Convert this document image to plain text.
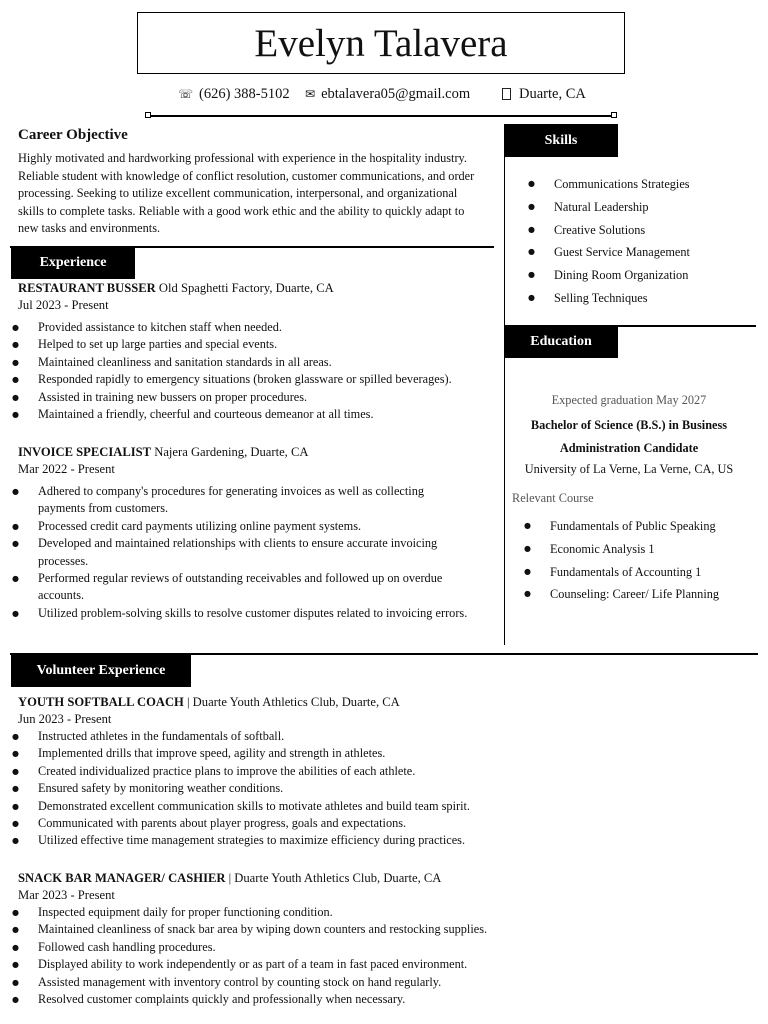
Evelyn Talavera
☏ (626) 388-5102 ✉ ebtalavera05@gmail.com	Duarte, CA
Career Objective
Highly motivated and hardworking professional with experience in the hospitality industry.
Reliable student with knowledge of conflict resolution, customer communications, and order
processing. Seeking to utilize excellent communication, interpersonal, and organizational
skills to complete tasks. Reliable with a good work ethic and the ability to quickly adapt to
new tasks and environments.
Experience
RESTAURANT BUSSER Old Spaghetti Factory, Duarte, CA
Jul 2023 - Present
● Provided assistance to kitchen staff when needed.
● Helped to set up large parties and special events.
● Maintained cleanliness and sanitation standards in all areas.
● Responded rapidly to emergency situations (broken glassware or spilled beverages).
● Assisted in training new bussers on proper procedures.
● Maintained a friendly, cheerful and courteous demeanor at all times.
INVOICE SPECIALIST Najera Gardening, Duarte, CA
Mar 2022 - Present
● Adhered to company's procedures for generating invoices as well as collecting
payments from customers.
● Processed credit card payments utilizing online payment systems.
● Developed and maintained relationships with clients to ensure accurate invoicing
processes.
● Performed regular reviews of outstanding receivables and followed up on overdue
accounts.
● Utilized problem-solving skills to resolve customer disputes related to invoicing errors.
Skills
● Communications Strategies
● Natural Leadership
● Creative Solutions
● Guest Service Management
● Dining Room Organization
● Selling Techniques
Education
Expected graduation May 2027
Bachelor of Science (B.S.) in Business
Administration Candidate
University of La Verne, La Verne, CA, US
Relevant Course
● Fundamentals of Public Speaking
● Economic Analysis 1
● Fundamentals of Accounting 1
● Counseling: Career/ Life Planning
Volunteer Experience
YOUTH SOFTBALL COACH | Duarte Youth Athletics Club, Duarte, CA
Jun 2023 - Present
● Instructed athletes in the fundamentals of softball.
● Implemented drills that improve speed, agility and strength in athletes.
● Created individualized practice plans to improve the abilities of each athlete.
● Ensured safety by monitoring weather conditions.
● Demonstrated excellent communication skills to motivate athletes and build team spirit.
● Communicated with parents about player progress, goals and expectations.
● Utilized effective time management strategies to maximize efficiency during practices.
SNACK BAR MANAGER/ CASHIER | Duarte Youth Athletics Club, Duarte, CA
Mar 2023 - Present
● Inspected equipment daily for proper functioning condition.
● Maintained cleanliness of snack bar area by wiping down counters and restocking supplies.
● Followed cash handling procedures.
● Displayed ability to work independently or as part of a team in fast paced environment.
● Assisted management with inventory control by counting stock on hand regularly.
● Resolved customer complaints quickly and professionally when necessary.
